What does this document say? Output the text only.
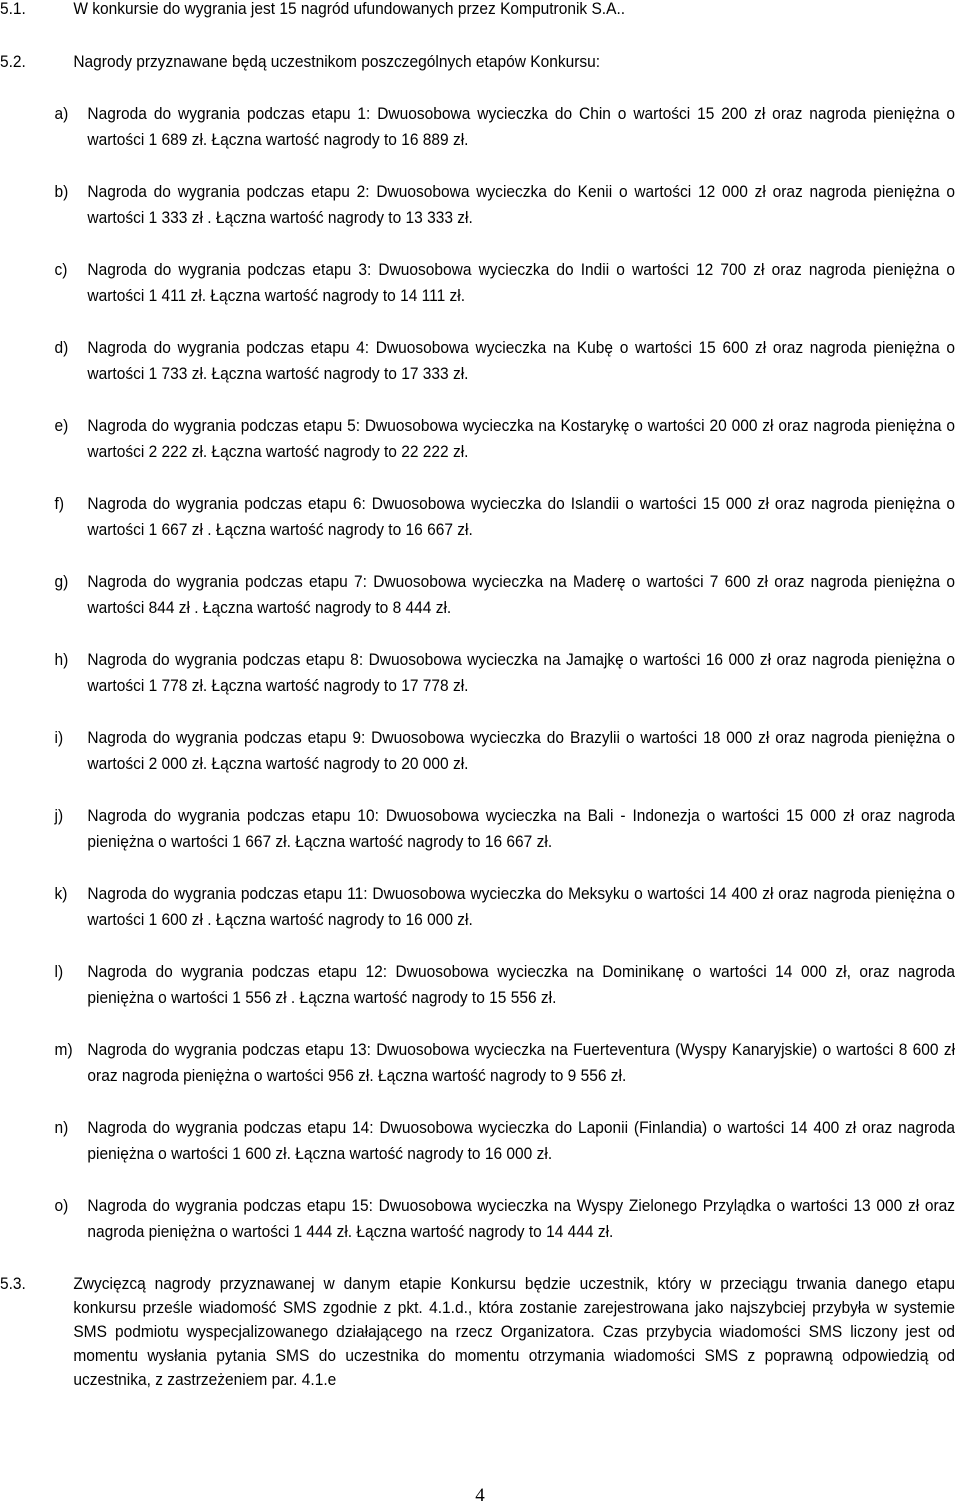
5.1.	W konkursie do wygrania jest 15 nagród ufundowanych przez Komputronik S.A..
5.2.	Nagrody przyznawane będą uczestnikom poszczególnych etapów Konkursu:
a) Nagroda do wygrania podczas etapu 1: Dwuosobowa wycieczka do Chin o wartości 15 200 zł oraz nagroda pieniężna o wartości 1 689 zł. Łączna wartość nagrody to 16 889 zł.
b) Nagroda do wygrania podczas etapu 2: Dwuosobowa wycieczka do Kenii o wartości 12 000 zł oraz nagroda pieniężna o wartości 1 333 zł . Łączna wartość nagrody to 13 333 zł.
c) Nagroda do wygrania podczas etapu 3: Dwuosobowa wycieczka do Indii o wartości 12 700 zł oraz nagroda pieniężna o wartości 1 411 zł. Łączna wartość nagrody to 14 111 zł.
d) Nagroda do wygrania podczas etapu 4: Dwuosobowa wycieczka na Kubę o wartości 15 600 zł oraz nagroda pieniężna o wartości 1 733 zł. Łączna wartość nagrody to 17 333 zł.
e) Nagroda do wygrania podczas etapu 5: Dwuosobowa wycieczka na Kostarykę o wartości 20 000 zł oraz nagroda pieniężna o wartości 2 222 zł. Łączna wartość nagrody to 22 222 zł.
f) Nagroda do wygrania podczas etapu 6: Dwuosobowa wycieczka do Islandii o wartości 15 000 zł oraz nagroda pieniężna o wartości 1 667 zł . Łączna wartość nagrody to 16 667 zł.
g) Nagroda do wygrania podczas etapu 7: Dwuosobowa wycieczka na Maderę o wartości 7 600 zł oraz nagroda pieniężna o wartości 844 zł . Łączna wartość nagrody to 8 444 zł.
h) Nagroda do wygrania podczas etapu 8: Dwuosobowa wycieczka na Jamajkę o wartości 16 000 zł oraz nagroda pieniężna o wartości 1 778 zł. Łączna wartość nagrody to 17 778 zł.
i) Nagroda do wygrania podczas etapu 9: Dwuosobowa wycieczka do Brazylii o wartości 18 000 zł oraz nagroda pieniężna o wartości 2 000 zł. Łączna wartość nagrody to 20 000 zł.
j) Nagroda do wygrania podczas etapu 10: Dwuosobowa wycieczka na Bali - Indonezja o wartości 15 000 zł oraz nagroda pieniężna o wartości 1 667 zł. Łączna wartość nagrody to 16 667 zł.
k) Nagroda do wygrania podczas etapu 11: Dwuosobowa wycieczka do Meksyku o wartości 14 400 zł oraz nagroda pieniężna o wartości 1 600 zł . Łączna wartość nagrody to 16 000 zł.
l) Nagroda do wygrania podczas etapu 12: Dwuosobowa wycieczka na Dominikanę o wartości 14 000 zł, oraz nagroda pieniężna o wartości 1 556 zł . Łączna wartość nagrody to 15 556 zł.
m) Nagroda do wygrania podczas etapu 13: Dwuosobowa wycieczka na Fuerteventura (Wyspy Kanaryjskie) o wartości 8 600 zł oraz nagroda pieniężna o wartości 956 zł. Łączna wartość nagrody to 9 556 zł.
n) Nagroda do wygrania podczas etapu 14: Dwuosobowa wycieczka do Laponii (Finlandia) o wartości 14 400 zł oraz nagroda pieniężna o wartości 1 600 zł. Łączna wartość nagrody to 16 000 zł.
o) Nagroda do wygrania podczas etapu 15: Dwuosobowa wycieczka na Wyspy Zielonego Przylądka o wartości 13 000 zł oraz nagroda pieniężna o wartości 1 444 zł. Łączna wartość nagrody to 14 444 zł.
5.3.	Zwycięzcą nagrody przyznawanej w danym etapie Konkursu będzie uczestnik, który w przeciągu trwania danego etapu konkursu prześle wiadomość SMS zgodnie z pkt. 4.1.d., która zostanie zarejestrowana jako najszybciej przybyła w systemie SMS podmiotu wyspecjalizowanego działającego na rzecz Organizatora. Czas przybycia wiadomości SMS liczony jest od momentu wysłania pytania SMS do uczestnika do momentu otrzymania wiadomości SMS z poprawną odpowiedzią od uczestnika, z zastrzeżeniem par. 4.1.e
4
